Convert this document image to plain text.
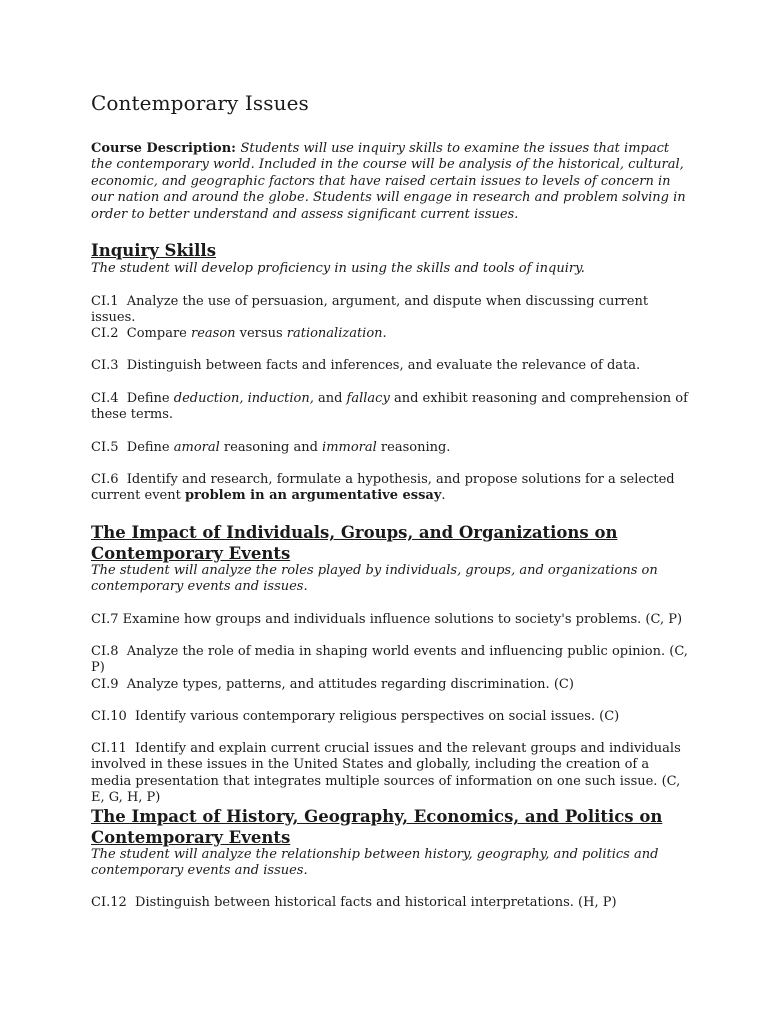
Contemporary Issues

Course Description: Students will use inquiry skills to examine the issues that impact the contemporary world. Included in the course will be analysis of the historical, cultural, economic, and geographic factors that have raised certain issues to levels of concern in our nation and around the globe. Students will engage in research and problem solving in order to better understand and assess significant current issues.

Inquiry Skills

The student will develop proficiency in using the skills and tools of inquiry.

CI.1 Analyze the use of persuasion, argument, and dispute when discussing current issues.

CI.2 Compare reason versus rationalization.

CI.3 Distinguish between facts and inferences, and evaluate the relevance of data.

CI.4 Define deduction, induction, and fallacy and exhibit reasoning and comprehension of these terms.

CI.5 Define amoral reasoning and immoral reasoning.

CI.6 Identify and research, formulate a hypothesis, and propose solutions for a selected current event problem in an argumentative essay.

The Impact of Individuals, Groups, and Organizations on Contemporary Events

The student will analyze the roles played by individuals, groups, and organizations on contemporary events and issues.

CI.7 Examine how groups and individuals influence solutions to society's problems. (C, P)

CI.8 Analyze the role of media in shaping world events and influencing public opinion. (C, P)

CI.9 Analyze types, patterns, and attitudes regarding discrimination. (C)

CI.10 Identify various contemporary religious perspectives on social issues. (C)

CI.11 Identify and explain current crucial issues and the relevant groups and individuals involved in these issues in the United States and globally, including the creation of a media presentation that integrates multiple sources of information on one such issue. (C, E, G, H, P)

The Impact of History, Geography, Economics, and Politics on Contemporary Events

The student will analyze the relationship between history, geography, and politics and contemporary events and issues.

CI.12 Distinguish between historical facts and historical interpretations. (H, P)
